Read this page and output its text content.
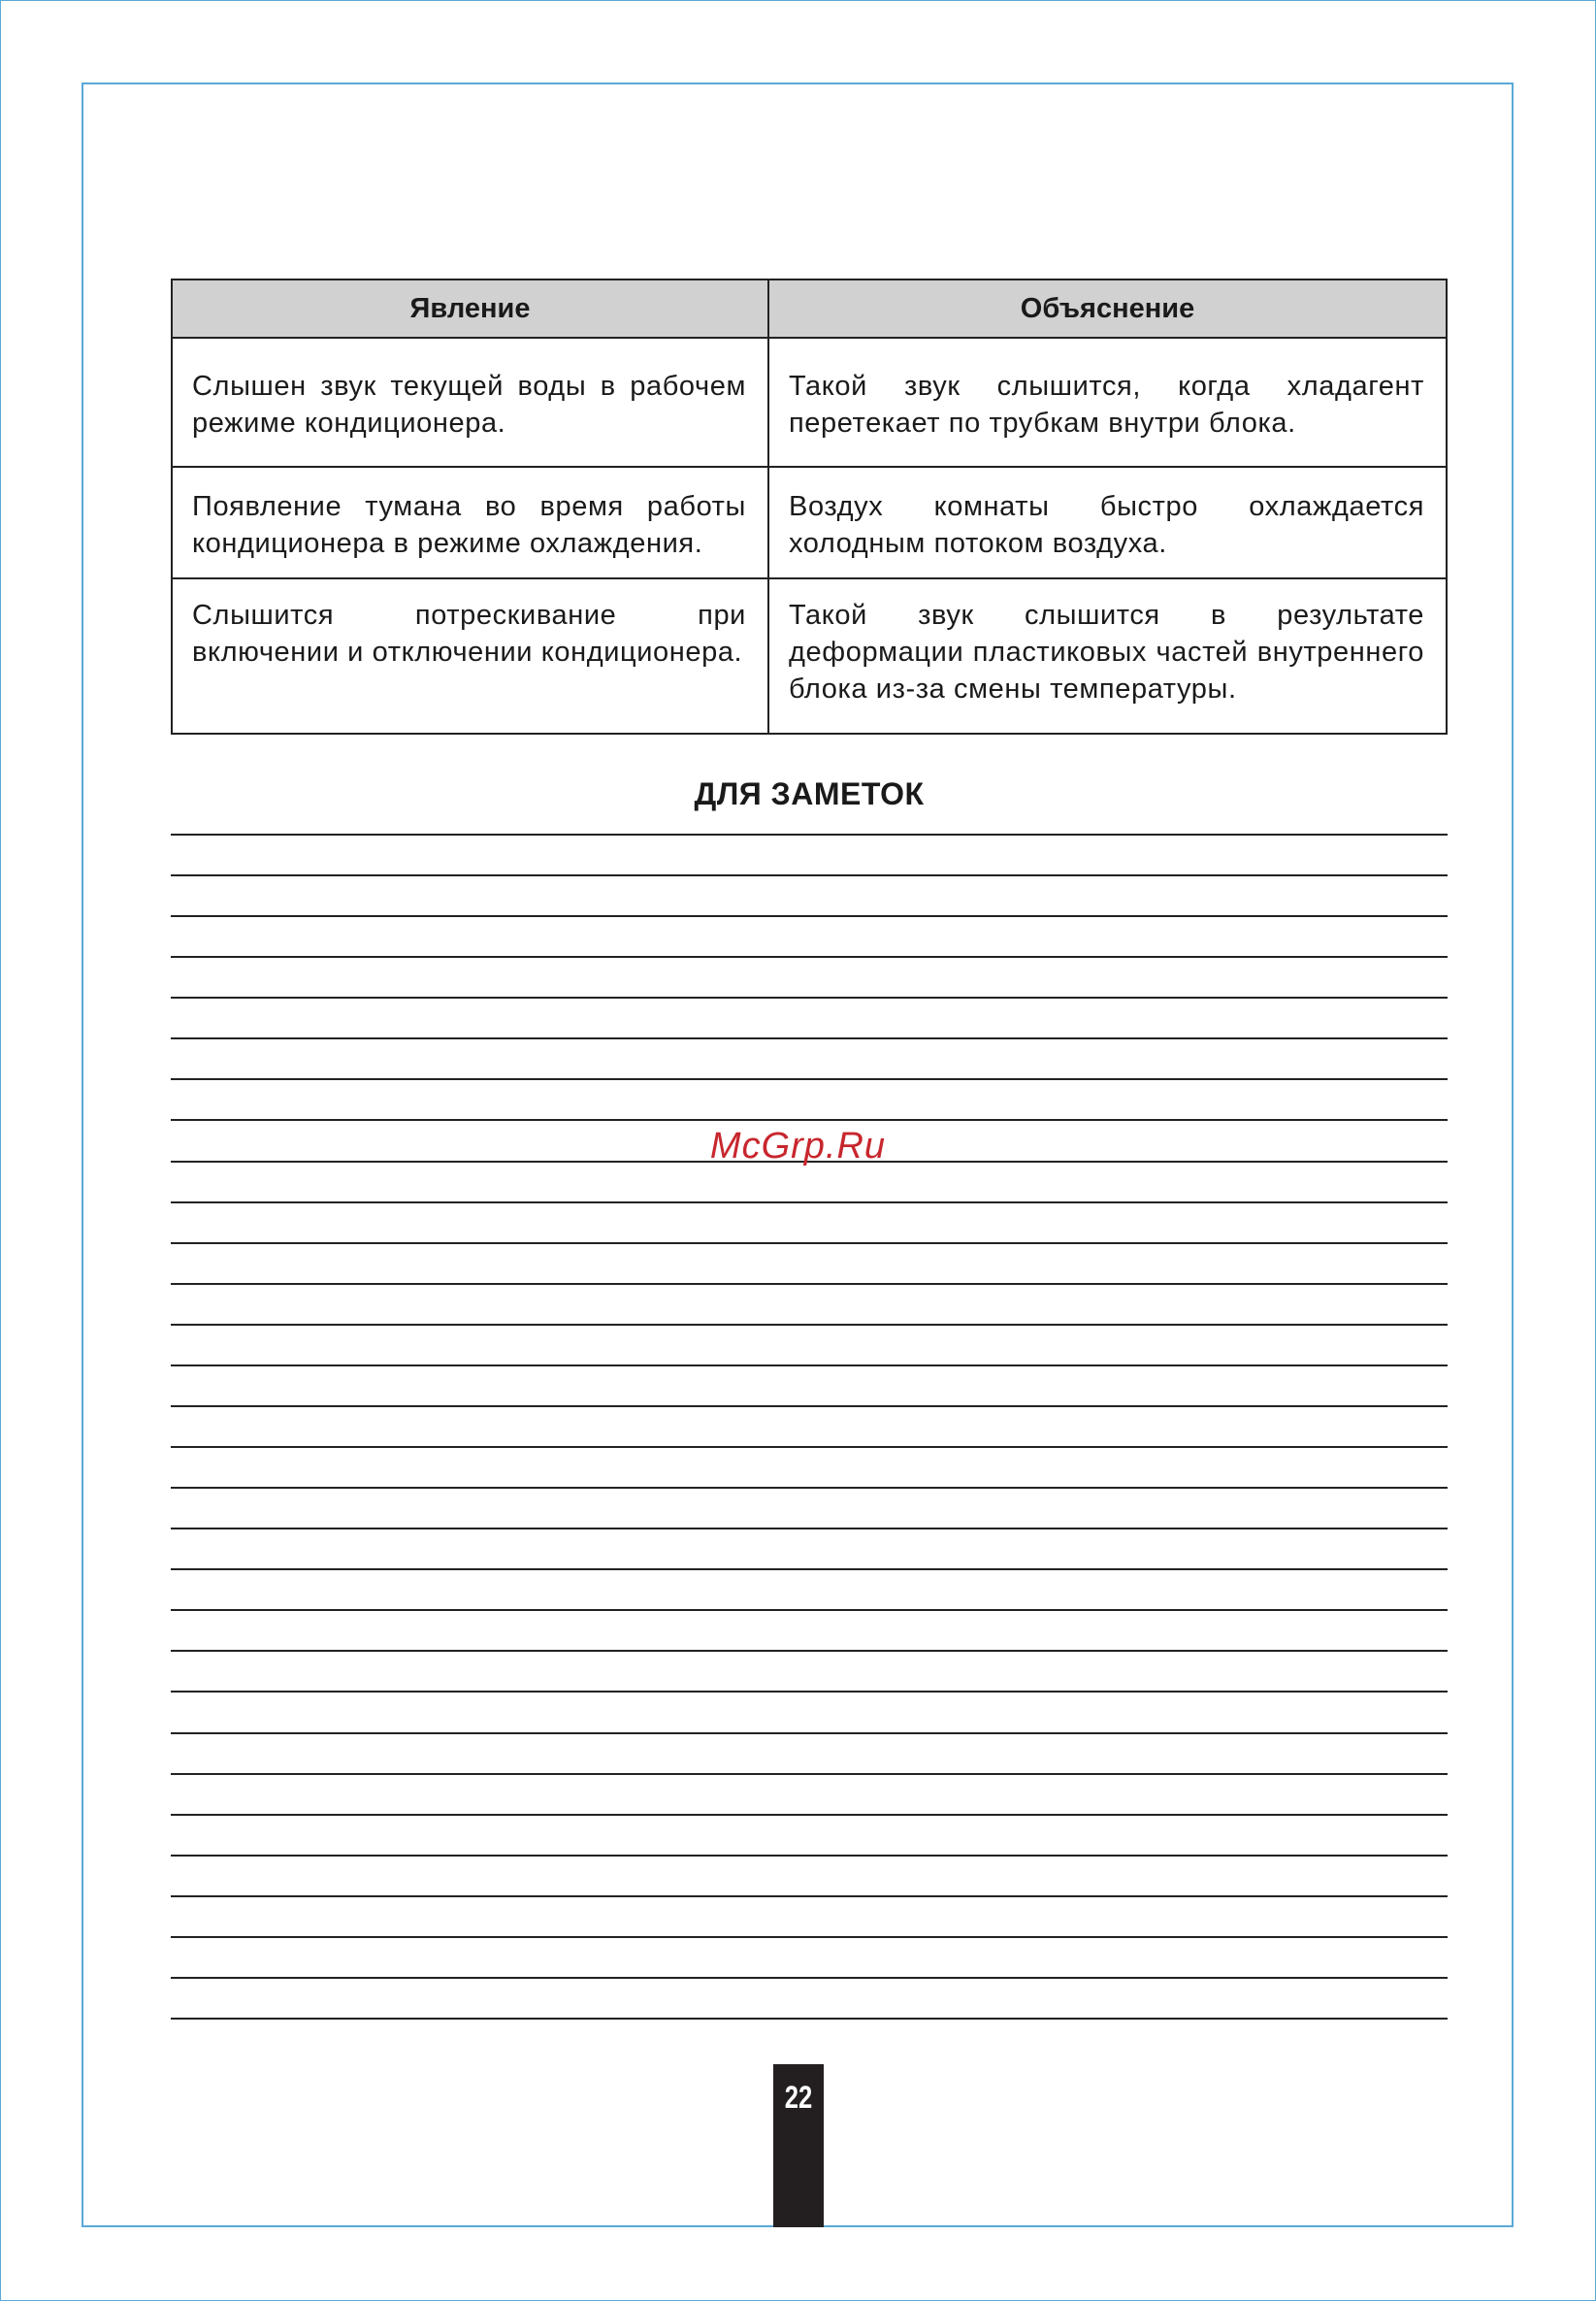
Явление	Объяснение
Слышен звук текущей воды в рабочем режиме кондиционера.	Такой звук слышится, когда хладагент перетекает по трубкам внутри блока.
Появление тумана во время работы кондиционера в режиме охлаждения.	Воздух комнаты быстро охлаждается холодным потоком воздуха.
Слышится потрескивание при включении и отключении кондиционера.	Такой звук слышится в результате деформации пластиковых частей внутреннего блока из-за смены температуры.
ДЛЯ ЗАМЕТОК
McGrp.Ru
22
